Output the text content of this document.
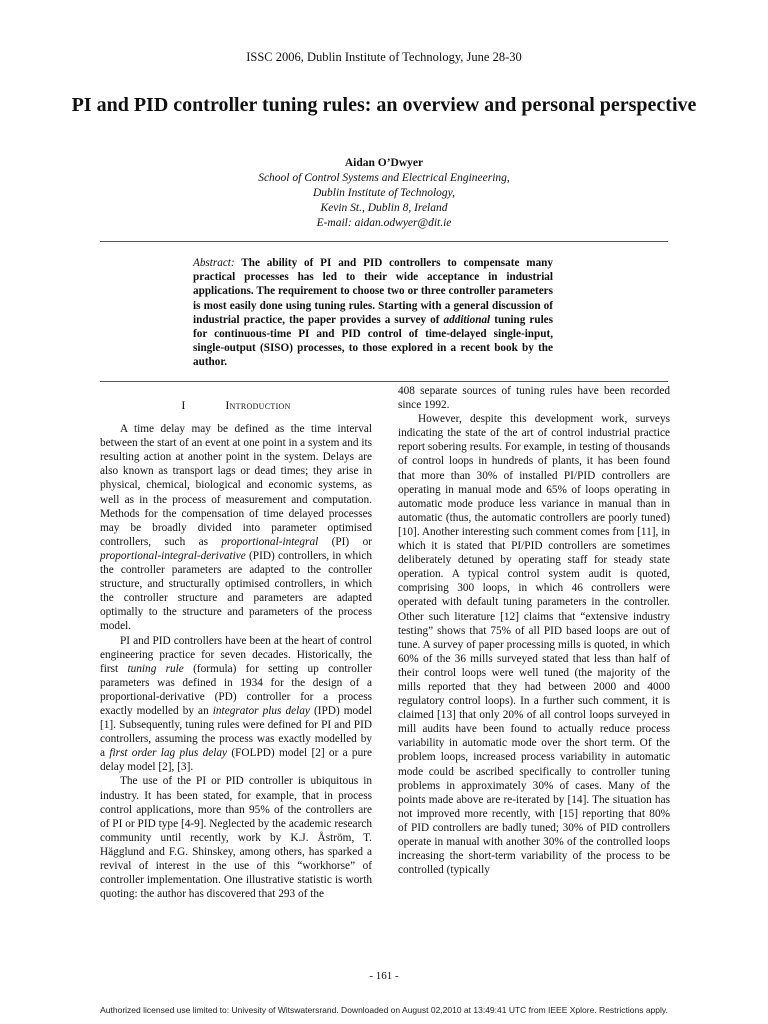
ISSC 2006, Dublin Institute of Technology, June 28-30
PI and PID controller tuning rules: an overview and personal perspective
Aidan O’Dwyer
School of Control Systems and Electrical Engineering,
Dublin Institute of Technology,
Kevin St., Dublin 8, Ireland
E-mail: aidan.odwyer@dit.ie
Abstract: The ability of PI and PID controllers to compensate many practical processes has led to their wide acceptance in industrial applications. The requirement to choose two or three controller parameters is most easily done using tuning rules. Starting with a general discussion of industrial practice, the paper provides a survey of additional tuning rules for continuous-time PI and PID control of time-delayed single-input, single-output (SISO) processes, to those explored in a recent book by the author.
I	Introduction

A time delay may be defined as the time interval between the start of an event at one point in a system and its resulting action at another point in the system. Delays are also known as transport lags or dead times; they arise in physical, chemical, biological and economic systems, as well as in the process of measurement and computation. Methods for the compensation of time delayed processes may be broadly divided into parameter optimised controllers, such as proportional-integral (PI) or proportional-integral-derivative (PID) controllers, in which the controller parameters are adapted to the controller structure, and structurally optimised controllers, in which the controller structure and parameters are adapted optimally to the structure and parameters of the process model.

PI and PID controllers have been at the heart of control engineering practice for seven decades. Historically, the first tuning rule (formula) for setting up controller parameters was defined in 1934 for the design of a proportional-derivative (PD) controller for a process exactly modelled by an integrator plus delay (IPD) model [1]. Subsequently, tuning rules were defined for PI and PID controllers, assuming the process was exactly modelled by a first order lag plus delay (FOLPD) model [2] or a pure delay model [2], [3].

The use of the PI or PID controller is ubiquitous in industry. It has been stated, for example, that in process control applications, more than 95% of the controllers are of PI or PID type [4-9]. Neglected by the academic research community until recently, work by K.J. Åström, T. Hägglund and F.G. Shinskey, among others, has sparked a revival of interest in the use of this “workhorse” of controller implementation. One illustrative statistic is worth quoting: the author has discovered that 293 of the

408 separate sources of tuning rules have been recorded since 1992.

However, despite this development work, surveys indicating the state of the art of control industrial practice report sobering results. For example, in testing of thousands of control loops in hundreds of plants, it has been found that more than 30% of installed PI/PID controllers are operating in manual mode and 65% of loops operating in automatic mode produce less variance in manual than in automatic (thus, the automatic controllers are poorly tuned) [10]. Another interesting such comment comes from [11], in which it is stated that PI/PID controllers are sometimes deliberately detuned by operating staff for steady state operation. A typical control system audit is quoted, comprising 300 loops, in which 46 controllers were operated with default tuning parameters in the controller. Other such literature [12] claims that “extensive industry testing” shows that 75% of all PID based loops are out of tune. A survey of paper processing mills is quoted, in which 60% of the 36 mills surveyed stated that less than half of their control loops were well tuned (the majority of the mills reported that they had between 2000 and 4000 regulatory control loops). In a further such comment, it is claimed [13] that only 20% of all control loops surveyed in mill audits have been found to actually reduce process variability in automatic mode over the short term. Of the problem loops, increased process variability in automatic mode could be ascribed specifically to controller tuning problems in approximately 30% of cases. Many of the points made above are re-iterated by [14]. The situation has not improved more recently, with [15] reporting that 80% of PID controllers are badly tuned; 30% of PID controllers operate in manual with another 30% of the controlled loops increasing the short-term variability of the process to be controlled (typically

- 161 -
Authorized licensed use limited to: Univesity of Witswatersrand. Downloaded on August 02,2010 at 13:49:41 UTC from IEEE Xplore. Restrictions apply.
